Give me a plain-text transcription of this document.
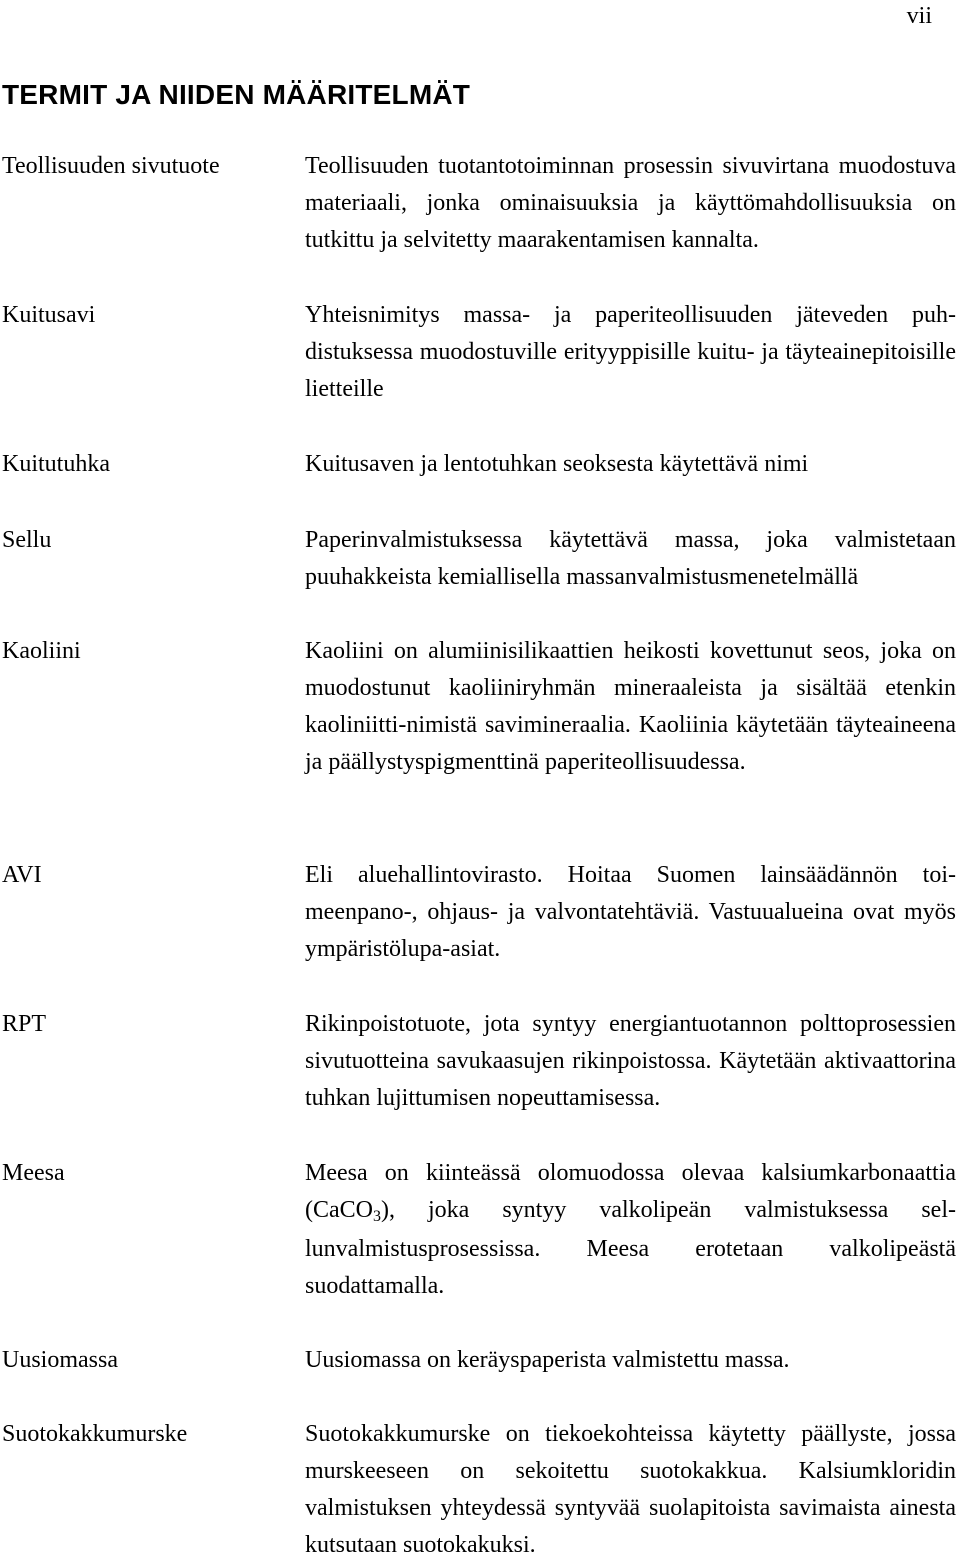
vii
TERMIT JA NIIDEN MÄÄRITELMÄT
Teollisuuden sivutuote	Teollisuuden tuotantotoiminnan prosessin sivuvirtana muodostuva materiaali, jonka ominaisuuksia ja käyttömahdollisuuksia on tutkittu ja selvitetty maarakentamisen kannalta.
Kuitusavi	Yhteisnimitys massa- ja paperiteollisuuden jäteveden puhdistuksessa muodostuville erityyppisille kuitu- ja täyteainepitoisille lietteille
Kuitutuhka	Kuitusaven ja lentotuhkan seoksesta käytettävä nimi
Sellu	Paperinvalmistuksessa käytettävä massa, joka valmistetaan puuhakkeista kemiallisella massanvalmistusmenetelmällä
Kaoliini	Kaoliini on alumiinisilikaattien heikosti kovettunut seos, joka on muodostunut kaoliiniryhmän mineraaleista ja sisältää etenkin kaoliniitti-nimistä savimineraalia. Kaoliinia käytetään täyteaineena ja päällystyspigmenttinä paperiteollisuudessa.
AVI	Eli aluehallintovirasto. Hoitaa Suomen lainsäädännön toimeenpano-, ohjaus- ja valvontatehtäviä. Vastuualueina ovat myös ympäristölupa-asiat.
RPT	Rikinpoistotuote, jota syntyy energiantuotannon polttoprosessien sivutuotteina savukaasujen rikinpoistossa. Käytetään aktivaattorina tuhkan lujittumisen nopeuttamisessa.
Meesa	Meesa on kiinteässä olomuodossa olevaa kalsiumkarbonaattia (CaCO3), joka syntyy valkolipeän valmistuksessa sellunvalmistusprosessissa. Meesa erotetaan valkolipeästä suodattamalla.
Uusiomassa	Uusiomassa on keräyspaperista valmistettu massa.
Suotokakkumurske	Suotokakkumurske on tiekoekohteissa käytetty päällyste, jossa murskeeseen on sekoitettu suotokakkua. Kalsiumkloridin valmistuksen yhteydessä syntyvää suolapitoista savimaista ainesta kutsutaan suotokakuksi.
